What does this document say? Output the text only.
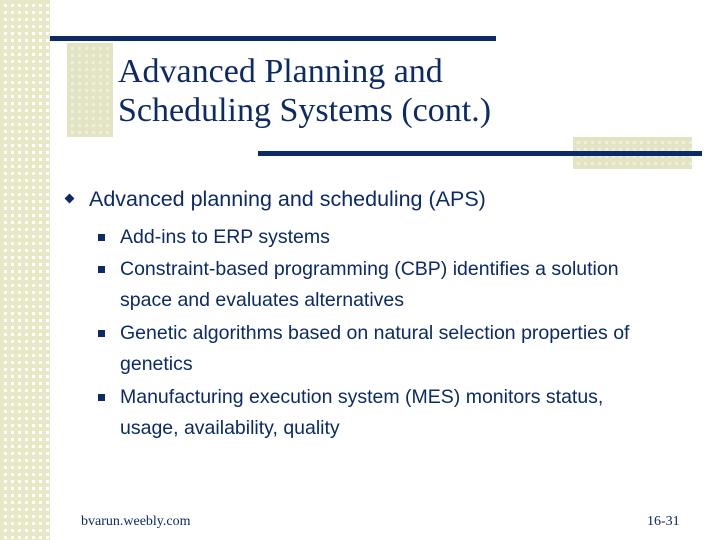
Advanced Planning and
Scheduling Systems (cont.)
Advanced planning and scheduling (APS)
Add-ins to ERP systems
Constraint-based programming (CBP) identifies a solution space and evaluates alternatives
Genetic algorithms based on natural selection properties of genetics
Manufacturing execution system (MES) monitors status, usage, availability, quality
bvarun.weebly.com	16-31
